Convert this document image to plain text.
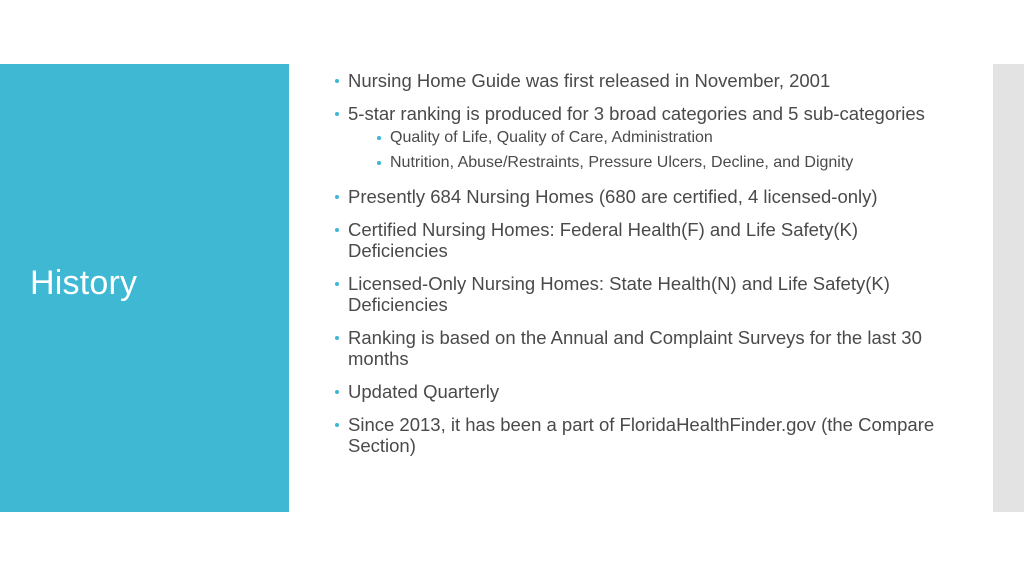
History
Nursing Home Guide was first released in November, 2001
5-star ranking is produced for 3 broad categories and 5 sub-categories
Quality of Life, Quality of Care, Administration
Nutrition, Abuse/Restraints, Pressure Ulcers, Decline, and Dignity
Presently 684 Nursing Homes (680 are certified, 4 licensed-only)
Certified Nursing Homes: Federal Health(F) and Life Safety(K) Deficiencies
Licensed-Only Nursing Homes: State Health(N) and Life Safety(K) Deficiencies
Ranking is based on the Annual and Complaint Surveys for the last 30 months
Updated Quarterly
Since 2013, it has been a part of FloridaHealthFinder.gov (the Compare Section)
